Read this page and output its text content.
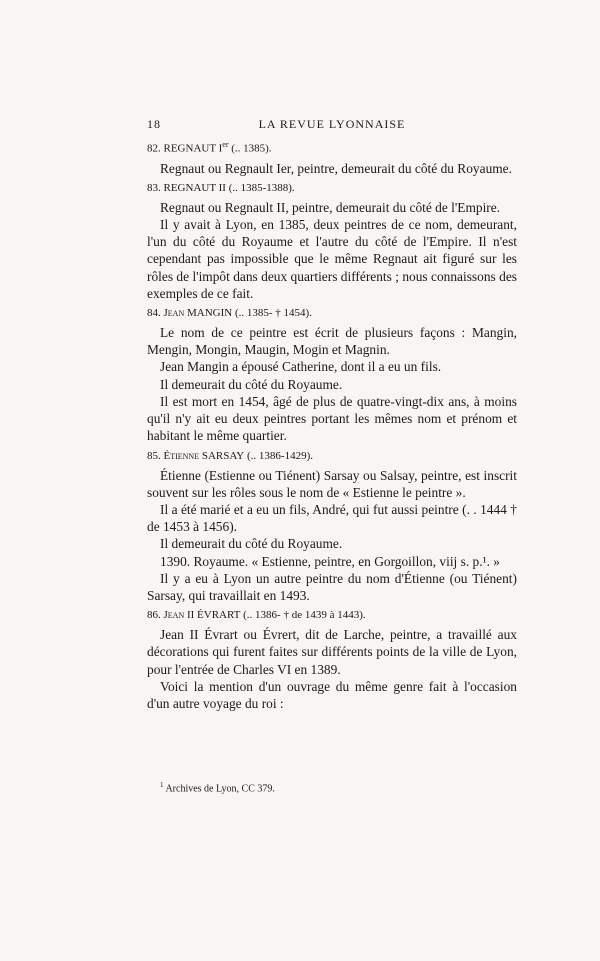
18	LA REVUE LYONNAISE

82. REGNAUT Ier (.. 1385).

Regnaut ou Regnault Ier, peintre, demeurait du côté du Royaume.

83. REGNAUT II (.. 1385-1388).

Regnaut ou Regnault II, peintre, demeurait du côté de l'Empire.

Il y avait à Lyon, en 1385, deux peintres de ce nom, demeurant, l'un du côté du Royaume et l'autre du côté de l'Empire. Il n'est cependant pas impossible que le même Regnaut ait figuré sur les rôles de l'impôt dans deux quartiers différents ; nous connaissons des exemples de ce fait.

84. Jean MANGIN (.. 1385- † 1454).

Le nom de ce peintre est écrit de plusieurs façons : Mangin, Mengin, Mongin, Maugin, Mogin et Magnin.

Jean Mangin a épousé Catherine, dont il a eu un fils.

Il demeurait du côté du Royaume.

Il est mort en 1454, âgé de plus de quatre-vingt-dix ans, à moins qu'il n'y ait eu deux peintres portant les mêmes nom et prénom et habitant le même quartier.

85. Étienne SARSAY (.. 1386-1429).

Étienne (Estienne ou Tiénent) Sarsay ou Salsay, peintre, est inscrit souvent sur les rôles sous le nom de « Estienne le peintre ».

Il a été marié et a eu un fils, André, qui fut aussi peintre (. . 1444 † de 1453 à 1456).

Il demeurait du côté du Royaume.

1390. Royaume. « Estienne, peintre, en Gorgoillon, viij s. p.¹. »

Il y a eu à Lyon un autre peintre du nom d'Étienne (ou Tiénent) Sarsay, qui travaillait en 1493.

86. Jean II ÉVRART (.. 1386- † de 1439 à 1443).

Jean II Évrart ou Évrert, dit de Larche, peintre, a travaillé aux décorations qui furent faites sur différents points de la ville de Lyon, pour l'entrée de Charles VI en 1389.

Voici la mention d'un ouvrage du même genre fait à l'occasion d'un autre voyage du roi :

$^1$ Archives de Lyon, CC 379.
